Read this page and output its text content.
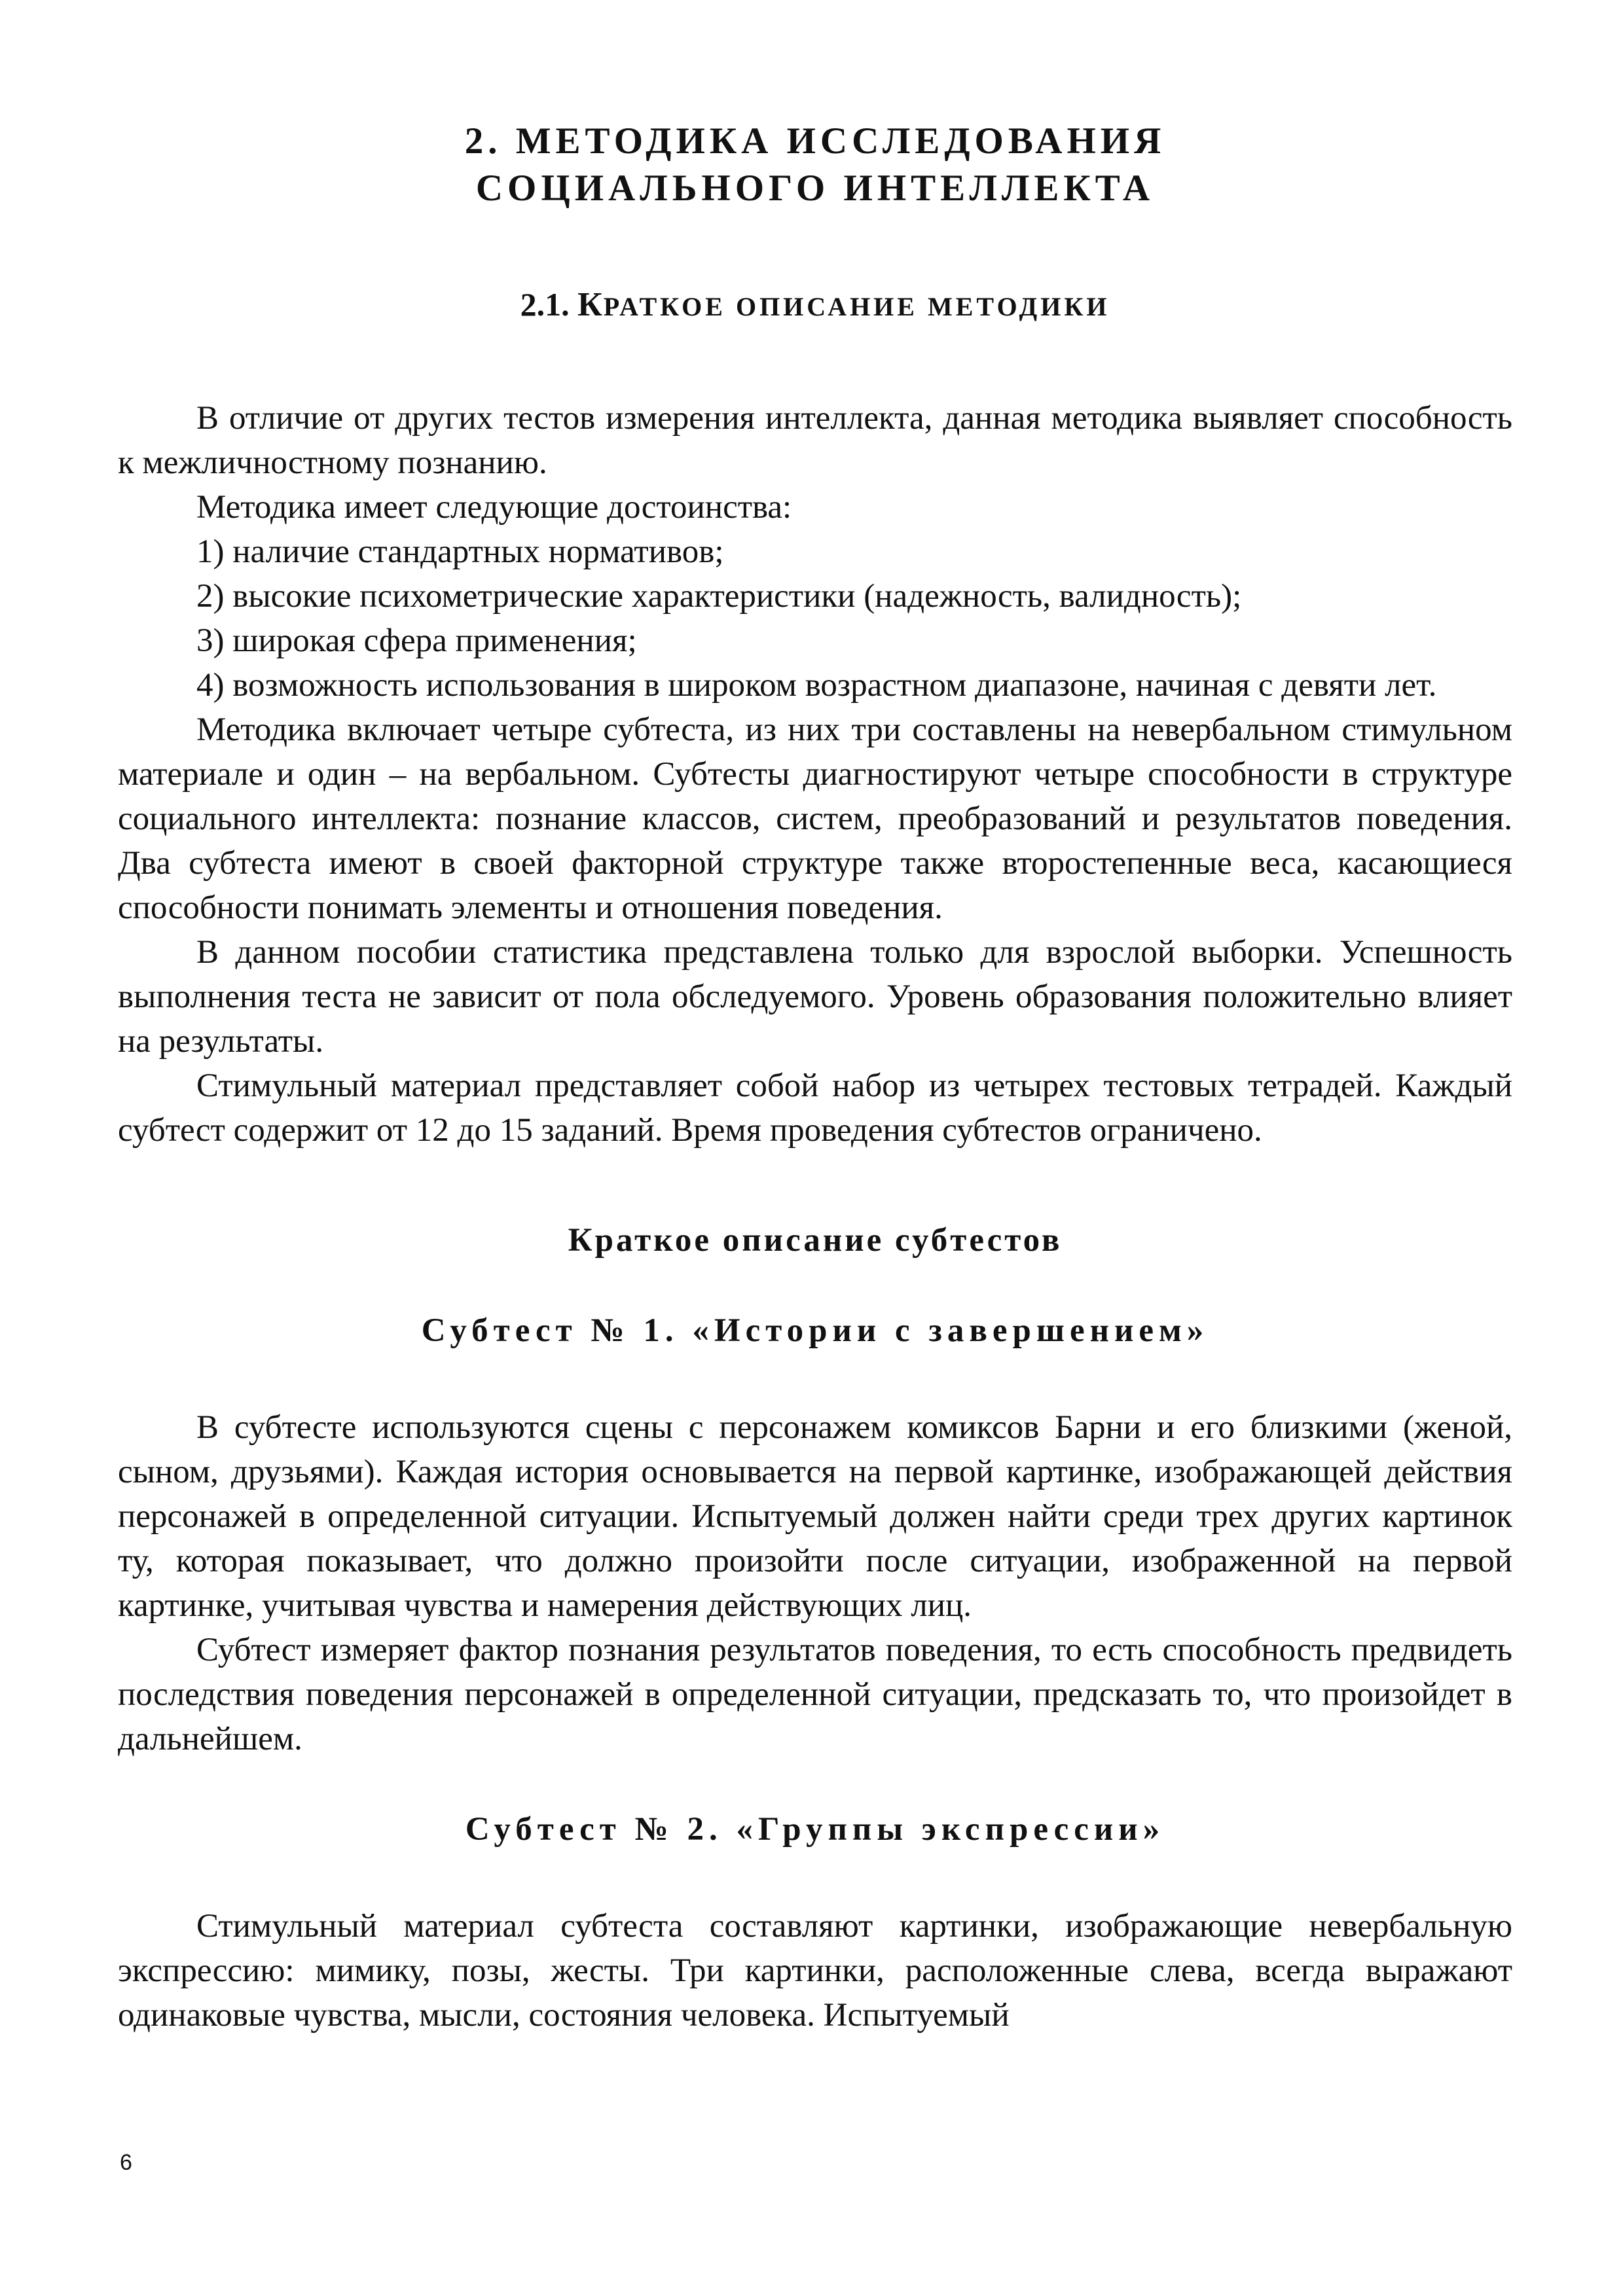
2. МЕТОДИКА ИССЛЕДОВАНИЯ
СОЦИАЛЬНОГО ИНТЕЛЛЕКТА
2.1. КРАТКОЕ ОПИСАНИЕ МЕТОДИКИ

В отличие от других тестов измерения интеллекта, данная методика выявляет способность к межличностному познанию.

Методика имеет следующие достоинства:

1) наличие стандартных нормативов;

2) высокие психометрические характеристики (надежность, валидность);

3) широкая сфера применения;

4) возможность использования в широком возрастном диапазоне, начиная с девяти лет.

Методика включает четыре субтеста, из них три составлены на невербальном стимульном материале и один – на вербальном. Субтесты диагностируют четыре способности в структуре социального интеллекта: познание классов, систем, преобразований и результатов поведения. Два субтеста имеют в своей факторной структуре также второстепенные веса, касающиеся способности понимать элементы и отношения поведения.

В данном пособии статистика представлена только для взрослой выборки. Успешность выполнения теста не зависит от пола обследуемого. Уровень образования положительно влияет на результаты.

Стимульный материал представляет собой набор из четырех тестовых тетрадей. Каждый субтест содержит от 12 до 15 заданий. Время проведения субтестов ограничено.

Краткое описание субтестов
Субтест № 1. «Истории с завершением»

В субтесте используются сцены с персонажем комиксов Барни и его близкими (женой, сыном, друзьями). Каждая история основывается на первой картинке, изображающей действия персонажей в определенной ситуации. Испытуемый должен найти среди трех других картинок ту, которая показывает, что должно произойти после ситуации, изображенной на первой картинке, учитывая чувства и намерения действующих лиц.

Субтест измеряет фактор познания результатов поведения, то есть способность предвидеть последствия поведения персонажей в определенной ситуации, предсказать то, что произойдет в дальнейшем.

Субтест № 2. «Группы экспрессии»

Стимульный материал субтеста составляют картинки, изображающие невербальную экспрессию: мимику, позы, жесты. Три картинки, расположенные слева, всегда выражают одинаковые чувства, мысли, состояния человека. Испытуемый

6
